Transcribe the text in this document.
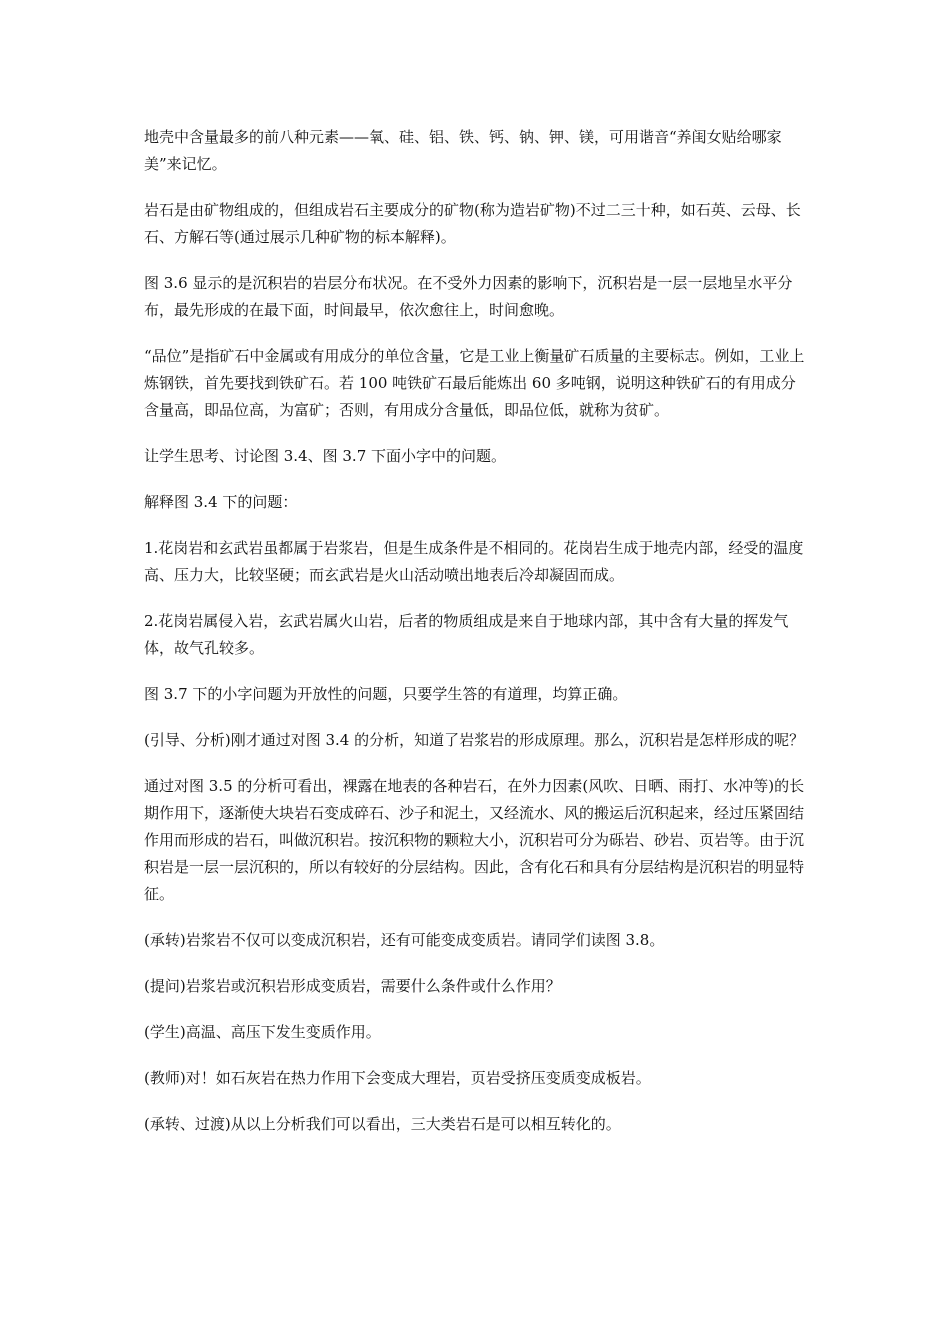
地壳中含量最多的前八种元素——氧、硅、铝、铁、钙、钠、钾、镁，可用谐音“养闺女贴给哪家美”来记忆。

岩石是由矿物组成的，但组成岩石主要成分的矿物(称为造岩矿物)不过二三十种，如石英、云母、长石、方解石等(通过展示几种矿物的标本解释)。

图 3.6 显示的是沉积岩的岩层分布状况。在不受外力因素的影响下，沉积岩是一层一层地呈水平分布，最先形成的在最下面，时间最早，依次愈往上，时间愈晚。

“品位”是指矿石中金属或有用成分的单位含量，它是工业上衡量矿石质量的主要标志。例如，工业上炼钢铁，首先要找到铁矿石。若 100 吨铁矿石最后能炼出 60 多吨钢，说明这种铁矿石的有用成分含量高，即品位高，为富矿；否则，有用成分含量低，即品位低，就称为贫矿。

让学生思考、讨论图 3.4、图 3.7 下面小字中的问题。

解释图 3.4 下的问题：

1.花岗岩和玄武岩虽都属于岩浆岩，但是生成条件是不相同的。花岗岩生成于地壳内部，经受的温度高、压力大，比较坚硬；而玄武岩是火山活动喷出地表后冷却凝固而成。

2.花岗岩属侵入岩，玄武岩属火山岩，后者的物质组成是来自于地球内部，其中含有大量的挥发气体，故气孔较多。

图 3.7 下的小字问题为开放性的问题，只要学生答的有道理，均算正确。

(引导、分析)刚才通过对图 3.4 的分析，知道了岩浆岩的形成原理。那么，沉积岩是怎样形成的呢？

通过对图 3.5 的分析可看出，裸露在地表的各种岩石，在外力因素(风吹、日晒、雨打、水冲等)的长期作用下，逐渐使大块岩石变成碎石、沙子和泥土，又经流水、风的搬运后沉积起来，经过压紧固结作用而形成的岩石，叫做沉积岩。按沉积物的颗粒大小，沉积岩可分为砾岩、砂岩、页岩等。由于沉积岩是一层一层沉积的，所以有较好的分层结构。因此，含有化石和具有分层结构是沉积岩的明显特征。

(承转)岩浆岩不仅可以变成沉积岩，还有可能变成变质岩。请同学们读图 3.8。

(提问)岩浆岩或沉积岩形成变质岩，需要什么条件或什么作用？

(学生)高温、高压下发生变质作用。

(教师)对！如石灰岩在热力作用下会变成大理岩，页岩受挤压变质变成板岩。

(承转、过渡)从以上分析我们可以看出，三大类岩石是可以相互转化的。
